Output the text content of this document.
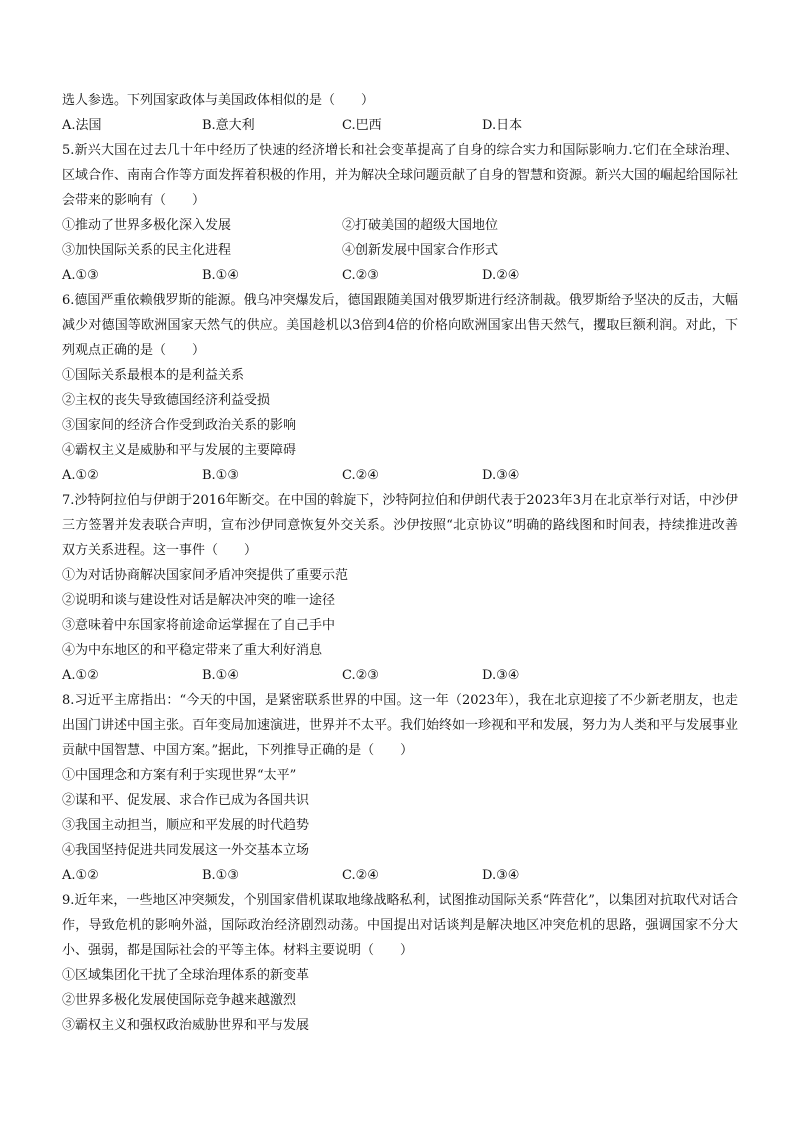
选人参选。下列国家政体与美国政体相似的是（　　）
A.法国	B.意大利	C.巴西	D.日本
5.新兴大国在过去几十年中经历了快速的经济增长和社会变革提高了自身的综合实力和国际影响力.它们在全球治理、区域合作、南南合作等方面发挥着积极的作用，并为解决全球问题贡献了自身的智慧和资源。新兴大国的崛起给国际社会带来的影响有（　　）
①推动了世界多极化深入发展	②打破美国的超级大国地位
③加快国际关系的民主化进程	④创新发展中国家合作形式
A.①③	B.①④	C.②③	D.②④
6.德国严重依赖俄罗斯的能源。俄乌冲突爆发后，德国跟随美国对俄罗斯进行经济制裁。俄罗斯给予坚决的反击，大幅减少对德国等欧洲国家天然气的供应。美国趁机以3倍到4倍的价格向欧洲国家出售天然气，攫取巨额利润。对此，下列观点正确的是（　　）
①国际关系最根本的是利益关系
②主权的丧失导致德国经济利益受损
③国家间的经济合作受到政治关系的影响
④霸权主义是威胁和平与发展的主要障碍
A.①②	B.①③	C.②④	D.③④
7.沙特阿拉伯与伊朗于2016年断交。在中国的斡旋下，沙特阿拉伯和伊朗代表于2023年3月在北京举行对话，中沙伊三方签署并发表联合声明，宣布沙伊同意恢复外交关系。沙伊按照“北京协议”明确的路线图和时间表，持续推进改善双方关系进程。这一事件（　　）
①为对话协商解决国家间矛盾冲突提供了重要示范
②说明和谈与建设性对话是解决冲突的唯一途径
③意味着中东国家将前途命运掌握在了自己手中
④为中东地区的和平稳定带来了重大利好消息
A.①②	B.①④	C.②③	D.③④
8.习近平主席指出：“今天的中国，是紧密联系世界的中国。这一年（2023年），我在北京迎接了不少新老朋友，也走出国门讲述中国主张。百年变局加速演进，世界并不太平。我们始终如一珍视和平和发展，努力为人类和平与发展事业贡献中国智慧、中国方案。”据此，下列推导正确的是（　　）
①中国理念和方案有利于实现世界“太平”
②谋和平、促发展、求合作已成为各国共识
③我国主动担当，顺应和平发展的时代趋势
④我国坚持促进共同发展这一外交基本立场
A.①②	B.①③	C.②④	D.③④
9.近年来，一些地区冲突频发，个别国家借机谋取地缘战略私利，试图推动国际关系“阵营化”，以集团对抗取代对话合作，导致危机的影响外溢，国际政治经济剧烈动荡。中国提出对话谈判是解决地区冲突危机的思路，强调国家不分大小、强弱，都是国际社会的平等主体。材料主要说明（　　）
①区域集团化干扰了全球治理体系的新变革
②世界多极化发展使国际竞争越来越激烈
③霸权主义和强权政治威胁世界和平与发展
